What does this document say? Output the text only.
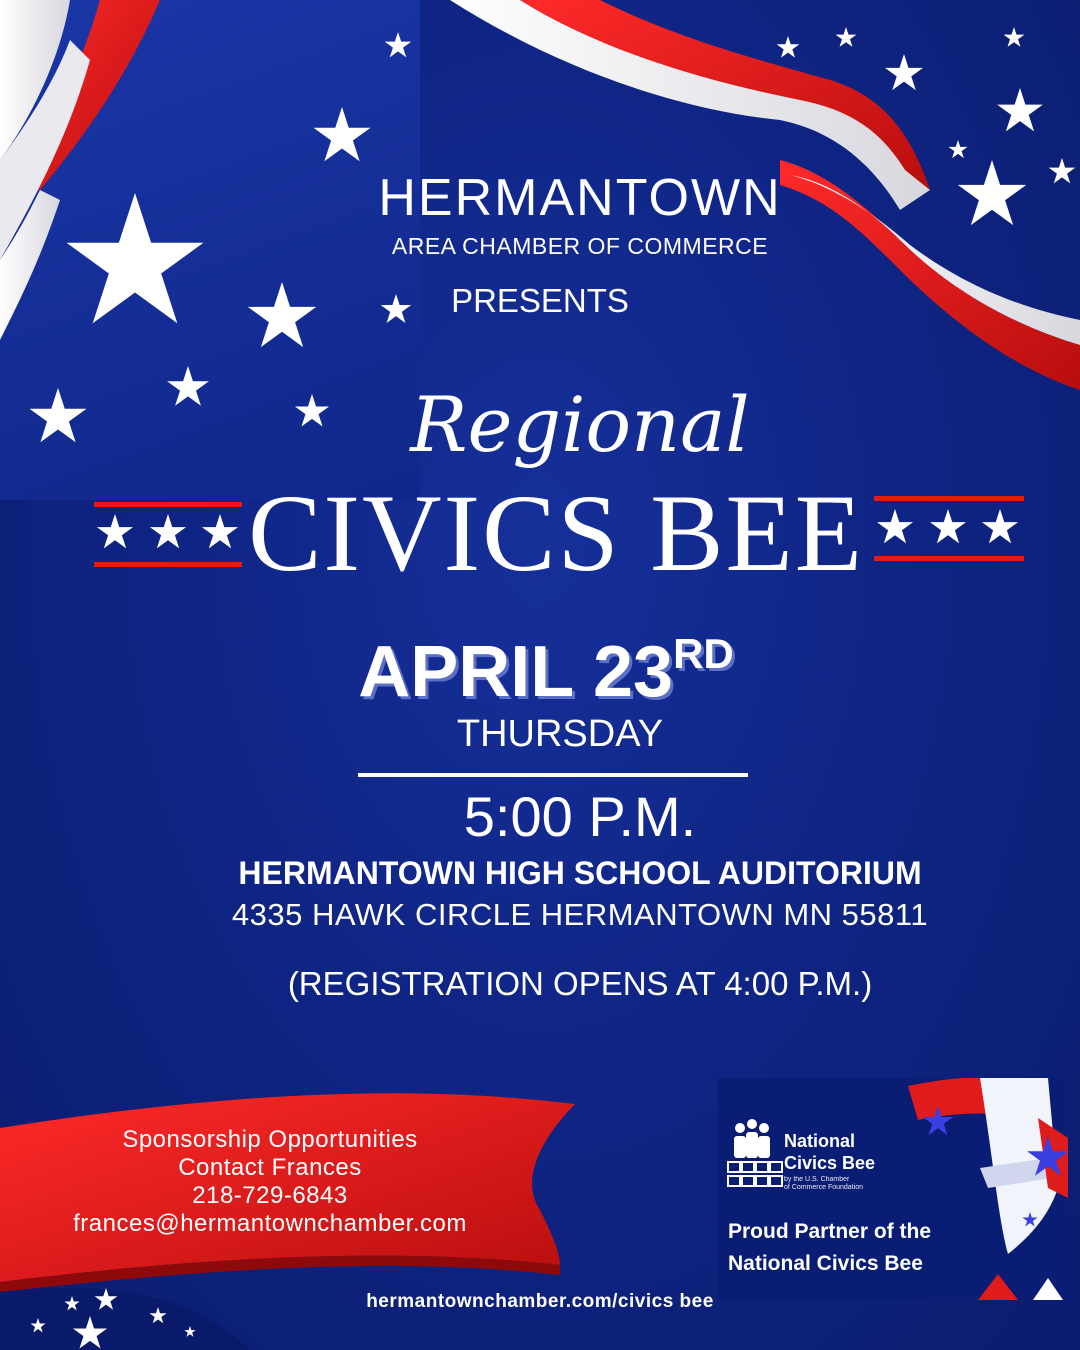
HERMANTOWN
AREA CHAMBER OF COMMERCE
PRESENTS
Regional
CIVICS BEE
APRIL 23RD
THURSDAY
5:00 P.M.
HERMANTOWN HIGH SCHOOL AUDITORIUM
4335 HAWK CIRCLE HERMANTOWN MN 55811
(REGISTRATION OPENS AT 4:00 P.M.)
Sponsorship Opportunities
Contact Frances
218-729-6843
frances@hermantownchamber.com
National
Civics Bee
by the U.S. Chamber
of Commerce Foundation
Proud Partner of the
National Civics Bee
hermantownchamber.com/civics bee
